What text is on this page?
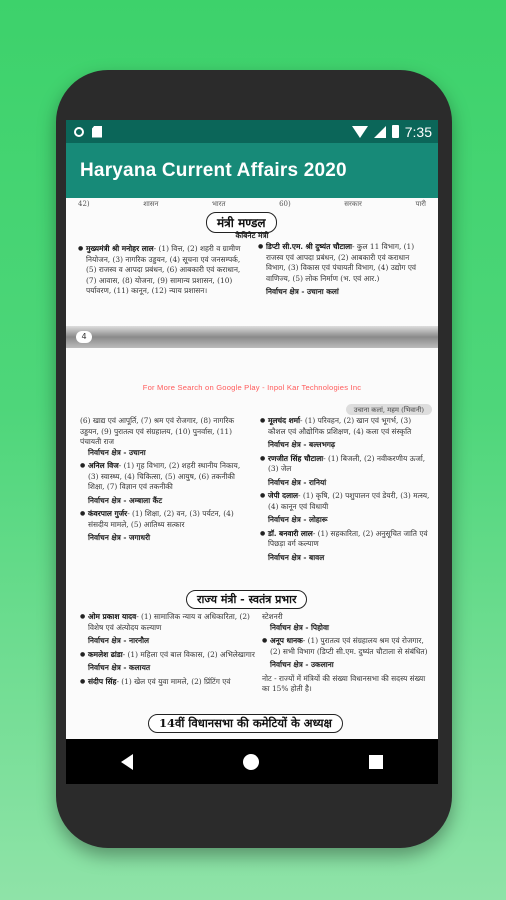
7:35
Haryana Current Affairs 2020
42)	शासन	भारत	60)	सरकार	पारी
मंत्री मण्डल
कैबिनेट मंत्री
● मुख्यमंत्री श्री मनोहर लाल- (1) वित्त, (2) शहरी व ग्रामीण नियोजन, (3) नागरिक उड्डयन, (4) सूचना एवं जनसम्पर्क, (5) राजस्व व आपदा प्रबंधन, (6) आबकारी एवं कराधान, (7) आवास, (8) योजना, (9) सामान्य प्रशासन, (10) पर्यावरण, (11) कानून, (12) न्याय प्रशासन।
● डिप्टी सी.एम. श्री दुष्यंत चौटाला- कुल 11 विभाग, (1) राजस्व एवं आपदा प्रबंधन, (2) आबकारी एवं कराधान विभाग, (3) विकास एवं पंचायती विभाग, (4) उद्योग एवं वाणिज्य, (5) लोक निर्माण (भ. एवं आर.)
निर्वाचन क्षेत्र - उचाना कलां
4
For More Search on Google Play - Inpol Kar Technologies Inc
उचाना कलां, महम (भिवानी)
(6) खाद्य एवं आपूर्ति, (7) श्रम एवं रोजगार, (8) नागरिक उड्डयन, (9) पुरातत्व एवं संग्रहालय, (10) पुनर्वास, (11) पंचायती राज
निर्वाचन क्षेत्र - उचाना
● अनिल विज- (1) गृह विभाग, (2) शहरी स्थानीय निकाय, (3) स्वास्थ्य, (4) चिकित्सा, (5) आयुष, (6) तकनीकी शिक्षा, (7) विज्ञान एवं तकनीकी
निर्वाचन क्षेत्र - अम्बाला कैंट
● कंवरपाल गुर्जर- (1) शिक्षा, (2) वन, (3) पर्यटन, (4) संसदीय मामले, (5) आतिथ्य सत्कार
निर्वाचन क्षेत्र - जगाधरी
● मूलचंद शर्मा- (1) परिवहन, (2) खान एवं भूगर्भ, (3) कौशल एवं औद्योगिक प्रशिक्षण, (4) कला एवं संस्कृति
निर्वाचन क्षेत्र - बल्लभगढ़
● रणजीत सिंह चौटाला- (1) बिजली, (2) नवीकरणीय ऊर्जा, (3) जेल
निर्वाचन क्षेत्र - रानियां
● जेपी दलाल- (1) कृषि, (2) पशुपालन एवं डेयरी, (3) मत्स्य, (4) कानून एवं विधायी
निर्वाचन क्षेत्र - लोहारू
● डॉ. बनवारी लाल- (1) सहकारिता, (2) अनुसूचित जाति एवं पिछड़ा वर्ग कल्याण
निर्वाचन क्षेत्र - बावल
राज्य मंत्री - स्वतंत्र प्रभार
● ओम प्रकाश यादव- (1) सामाजिक न्याय व अधिकारिता, (2) विशेष एवं अंत्योदय कल्याण
निर्वाचन क्षेत्र - नारनौल
● कमलेश ढांडा- (1) महिला एवं बाल विकास, (2) अभिलेखागार
निर्वाचन क्षेत्र - कलायत
● संदीप सिंह- (1) खेल एवं युवा मामले, (2) प्रिंटिंग एवं
स्टेशनरी
निर्वाचन क्षेत्र - पिहोवा
● अनूप धानक- (1) पुरातत्व एवं संग्रहालय श्रम एवं रोजगार, (2) सभी विभाग (डिप्टी सी.एम. दुष्यंत चौटाला से संबंधित)
निर्वाचन क्षेत्र - उकलाना
नोट - राज्यों में मंत्रियों की संख्या विधानसभा की सदस्य संख्या का 15% होती है।
14वीं विधानसभा की कमेटियों के अध्यक्ष
